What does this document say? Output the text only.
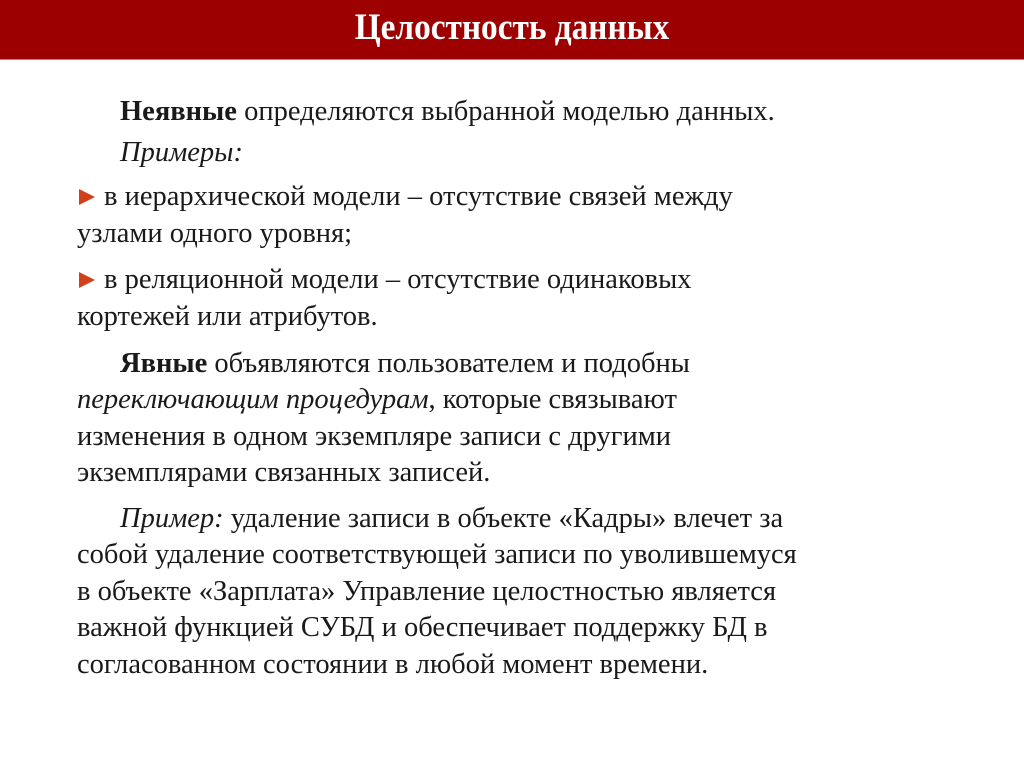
Целостность данных
Неявные определяются выбранной моделью данных.
Примеры:
в иерархической модели – отсутствие связей между
узлами одного уровня;
в реляционной модели – отсутствие одинаковых
кортежей или атрибутов.
Явные объявляются пользователем и подобны
переключающим процедурам, которые связывают
изменения в одном экземпляре записи с другими
экземплярами связанных записей.
Пример: удаление записи в объекте «Кадры» влечет за
собой удаление соответствующей записи по уволившемуся
в объекте «Зарплата» Управление целостностью является
важной функцией СУБД и обеспечивает поддержку БД в
согласованном состоянии в любой момент времени.
